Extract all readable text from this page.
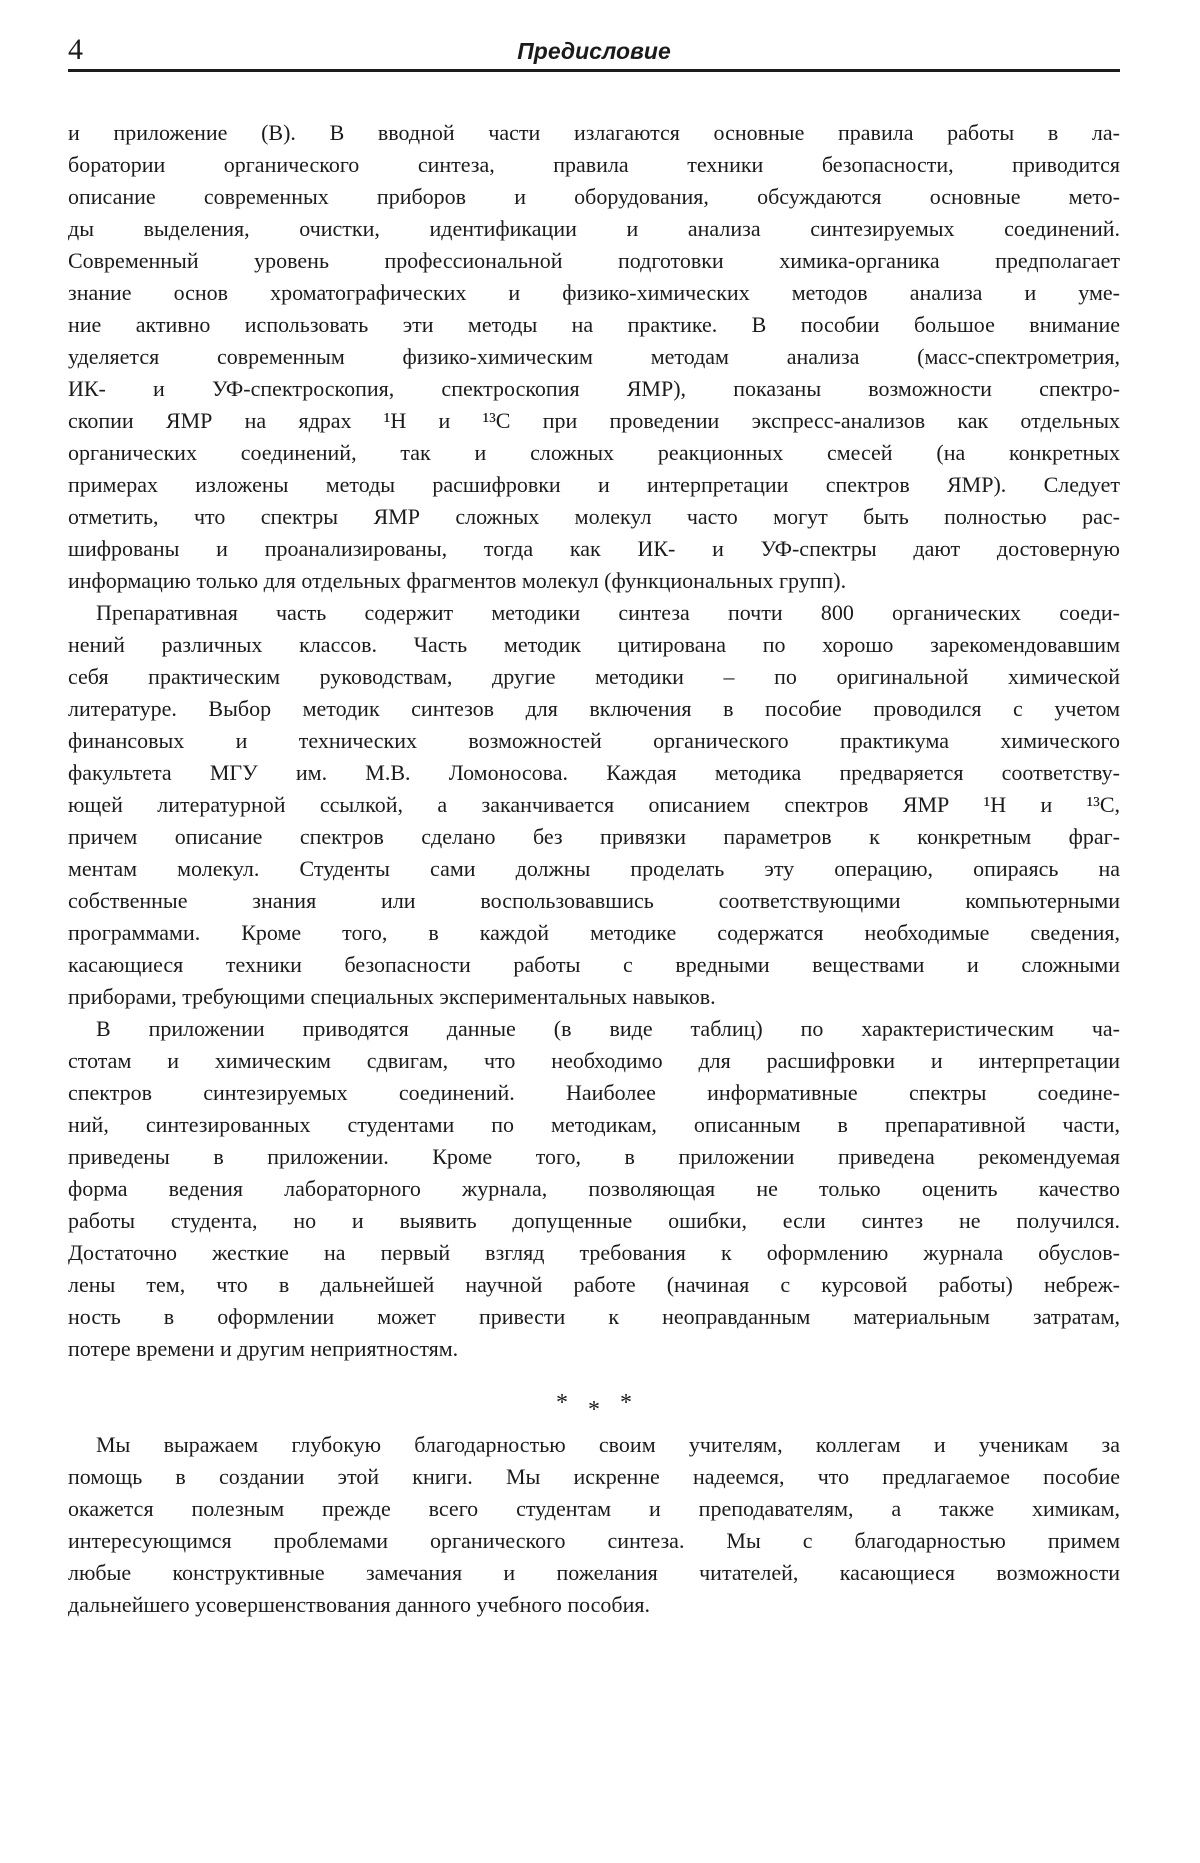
4	Предисловие
и приложение (В). В вводной части излагаются основные правила работы в ла-
боратории органического синтеза, правила техники безопасности, приводится
описание современных приборов и оборудования, обсуждаются основные мето-
ды выделения, очистки, идентификации и анализа синтезируемых соединений.
Современный уровень профессиональной подготовки химика-органика предполагает
знание основ хроматографических и физико-химических методов анализа и уме-
ние активно использовать эти методы на практике. В пособии большое внимание
уделяется современным физико-химическим методам анализа (масс-спектрометрия,
ИК- и УФ-спектроскопия, спектроскопия ЯМР), показаны возможности спектро-
скопии ЯМР на ядрах ¹H и ¹³C при проведении экспресс-анализов как отдельных
органических соединений, так и сложных реакционных смесей (на конкретных
примерах изложены методы расшифровки и интерпретации спектров ЯМР). Следует
отметить, что спектры ЯМР сложных молекул часто могут быть полностью рас-
шифрованы и проанализированы, тогда как ИК- и УФ-спектры дают достоверную
информацию только для отдельных фрагментов молекул (функциональных групп).
Препаративная часть содержит методики синтеза почти 800 органических соеди-
нений различных классов. Часть методик цитирована по хорошо зарекомендовавшим
себя практическим руководствам, другие методики – по оригинальной химической
литературе. Выбор методик синтезов для включения в пособие проводился с учетом
финансовых и технических возможностей органического практикума химического
факультета МГУ им. М.В. Ломоносова. Каждая методика предваряется соответству-
ющей литературной ссылкой, а заканчивается описанием спектров ЯМР ¹H и ¹³C,
причем описание спектров сделано без привязки параметров к конкретным фраг-
ментам молекул. Студенты сами должны проделать эту операцию, опираясь на
собственные знания или воспользовавшись соответствующими компьютерными
программами. Кроме того, в каждой методике содержатся необходимые сведения,
касающиеся техники безопасности работы с вредными веществами и сложными
приборами, требующими специальных экспериментальных навыков.
В приложении приводятся данные (в виде таблиц) по характеристическим ча-
стотам и химическим сдвигам, что необходимо для расшифровки и интерпретации
спектров синтезируемых соединений. Наиболее информативные спектры соедине-
ний, синтезированных студентами по методикам, описанным в препаративной части,
приведены в приложении. Кроме того, в приложении приведена рекомендуемая
форма ведения лабораторного журнала, позволяющая не только оценить качество
работы студента, но и выявить допущенные ошибки, если синтез не получился.
Достаточно жесткие на первый взгляд требования к оформлению журнала обуслов-
лены тем, что в дальнейшей научной работе (начиная с курсовой работы) небреж-
ность в оформлении может привести к неоправданным материальным затратам,
потере времени и другим неприятностям.
* * *
Мы выражаем глубокую благодарностью своим учителям, коллегам и ученикам за
помощь в создании этой книги. Мы искренне надеемся, что предлагаемое пособие
окажется полезным прежде всего студентам и преподавателям, а также химикам,
интересующимся проблемами органического синтеза. Мы с благодарностью примем
любые конструктивные замечания и пожелания читателей, касающиеся возможности
дальнейшего усовершенствования данного учебного пособия.
